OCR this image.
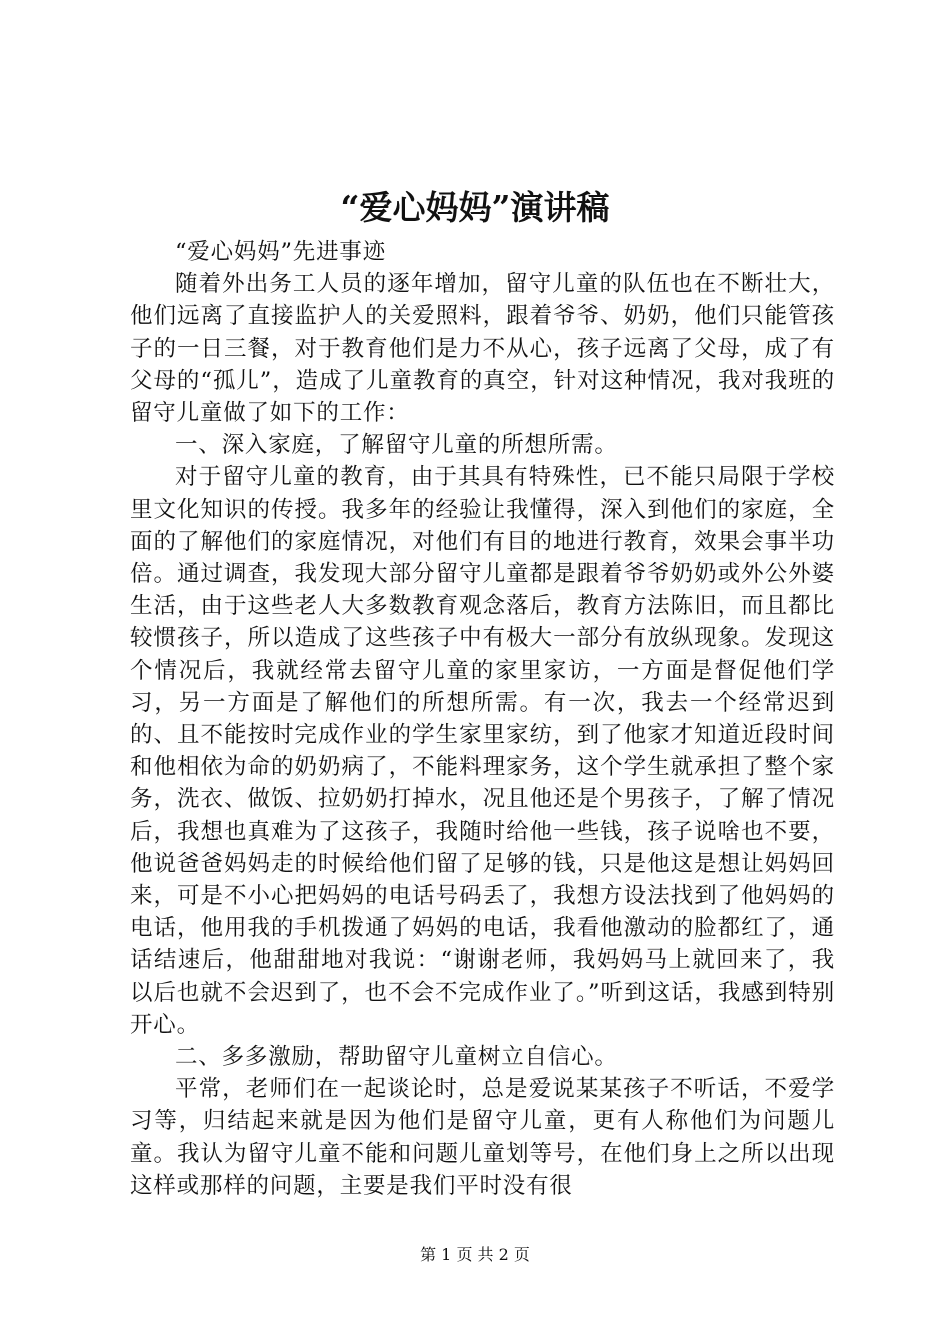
“爱心妈妈”演讲稿

“爱心妈妈”先进事迹

随着外出务工人员的逐年增加，留守儿童的队伍也在不断壮大，他们远离了直接监护人的关爱照料，跟着爷爷、奶奶，他们只能管孩子的一日三餐，对于教育他们是力不从心，孩子远离了父母，成了有父母的“孤儿”，造成了儿童教育的真空，针对这种情况，我对我班的留守儿童做了如下的工作：

一、深入家庭，了解留守儿童的所想所需。

对于留守儿童的教育，由于其具有特殊性，已不能只局限于学校里文化知识的传授。我多年的经验让我懂得，深入到他们的家庭，全面的了解他们的家庭情况，对他们有目的地进行教育，效果会事半功倍。通过调查，我发现大部分留守儿童都是跟着爷爷奶奶或外公外婆生活，由于这些老人大多数教育观念落后，教育方法陈旧，而且都比较惯孩子，所以造成了这些孩子中有极大一部分有放纵现象。发现这个情况后，我就经常去留守儿童的家里家访，一方面是督促他们学习，另一方面是了解他们的所想所需。有一次，我去一个经常迟到的、且不能按时完成作业的学生家里家纺，到了他家才知道近段时间和他相依为命的奶奶病了，不能料理家务，这个学生就承担了整个家务，洗衣、做饭、拉奶奶打掉水，况且他还是个男孩子，了解了情况后，我想也真难为了这孩子，我随时给他一些钱，孩子说啥也不要，他说爸爸妈妈走的时候给他们留了足够的钱，只是他这是想让妈妈回来，可是不小心把妈妈的电话号码丢了，我想方设法找到了他妈妈的电话，他用我的手机拨通了妈妈的电话，我看他激动的脸都红了，通话结速后，他甜甜地对我说：“谢谢老师，我妈妈马上就回来了，我以后也就不会迟到了，也不会不完成作业了。”听到这话，我感到特别开心。

二、多多激励，帮助留守儿童树立自信心。

平常，老师们在一起谈论时，总是爱说某某孩子不听话，不爱学习等，归结起来就是因为他们是留守儿童，更有人称他们为问题儿童。我认为留守儿童不能和问题儿童划等号，在他们身上之所以出现这样或那样的问题，主要是我们平时没有很

第 1 页 共 2 页
